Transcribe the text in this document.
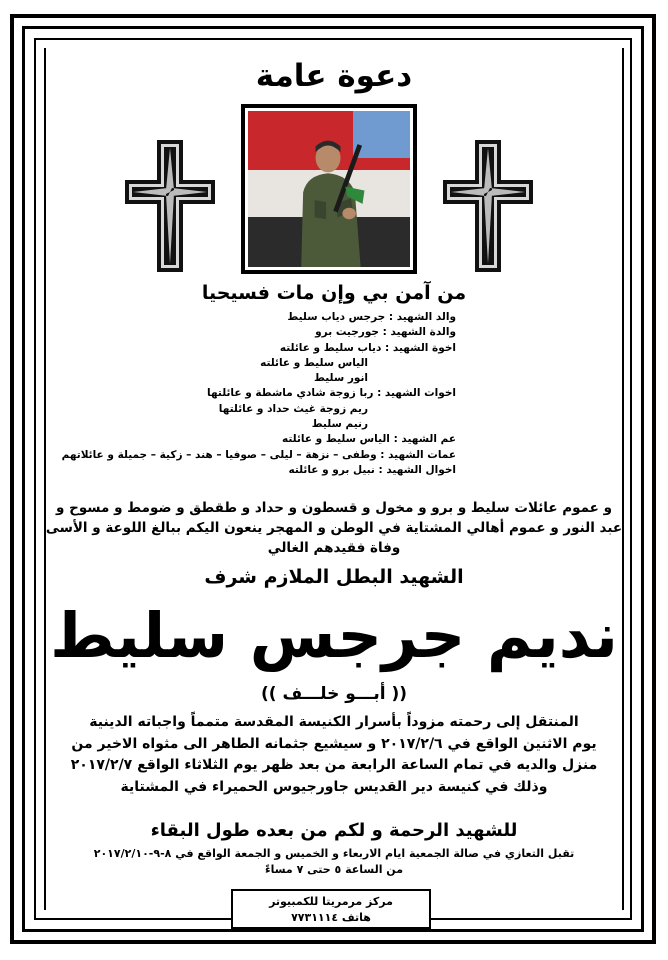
دعوة عامة
من آمن بي وإن مات فسيحيا
والد الشهيد : جرجس دياب سليط
والدة الشهيد : جورجيت برو
اخوة الشهيد : دياب سليط و عائلته
الياس سليط و عائلته
انور سليط
اخوات الشهيد : ربا زوجة شادي ماشطة و عائلتها
ريم زوجة غيث حداد و عائلتها
رنيم سليط
عم الشهيد : الياس سليط و عائلته
عمات الشهيد : وطفى – نزهة – ليلى – صوفيا – هند – زكية – جميلة و عائلاتهم
اخوال الشهيد : نبيل برو و عائلته
و عموم عائلات سليط و برو و مخول و قسطون و حداد و طقطق و ضومط و مسوح و عبد النور و عموم أهالي المشتاية في الوطن و المهجر ينعون اليكم ببالغ اللوعة و الأسى وفاة فقيدهم الغالي
الشهيد البطل الملازم شرف
نديم جرجس سليط
(( أبـــو خلـــف ))
المنتقل إلى رحمته مزوداً بأسرار الكنيسة المقدسة متمماً واجباته الدينية
يوم الاثنين الواقع في ٢٠١٧/٢/٦ و سيشيع جثمانه الطاهر الى مثواه الاخير من
منزل والديه في تمام الساعة الرابعة من بعد ظهر يوم الثلاثاء الواقع ٢٠١٧/٢/٧
وذلك في كنيسة دير القديس جاورجيوس الحميراء في المشتاية
للشهيد الرحمة و لكم من بعده طول البقاء
تقبل التعازي في صالة الجمعية ايام الاربعاء و الخميس و الجمعة الواقع في ٨-٩-٢٠١٧/٢/١٠
من الساعة ٥ حتى ٧ مساءً
مركز مرمريتا للكمبيوتر
هاتف ٧٧٣١١١٤
